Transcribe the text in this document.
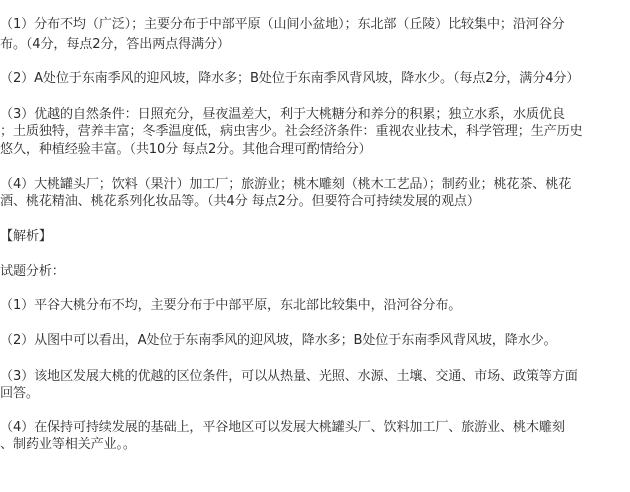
（1）分布不均（广泛）；主要分布于中部平原（山间小盆地）；东北部（丘陵）比较集中；沿河谷分

布。（4分，每点2分，答出两点得满分）

（2）A处位于东南季风的迎风坡，降水多；B处位于东南季风背风坡，降水少。（每点2分，满分4分）

（3）优越的自然条件：日照充分，昼夜温差大，利于大桃糖分和养分的积累；独立水系，水质优良

；土质独特，营养丰富；冬季温度低，病虫害少。社会经济条件：重视农业技术，科学管理；生产历史

悠久，种植经验丰富。（共10分 每点2分。其他合理可酌情给分）

（4）大桃罐头厂；饮料（果汁）加工厂；旅游业；桃木雕刻（桃木工艺品）；制药业；桃花茶、桃花

酒、桃花精油、桃花系列化妆品等。（共4分 每点2分。但要符合可持续发展的观点）

【解析】

试题分析：

（1）平谷大桃分布不均，主要分布于中部平原，东北部比较集中，沿河谷分布。

（2）从图中可以看出，A处位于东南季风的迎风坡，降水多；B处位于东南季风背风坡，降水少。

（3）该地区发展大桃的优越的区位条件，可以从热量、光照、水源、土壤、交通、市场、政策等方面

回答。

（4）在保持可持续发展的基础上，平谷地区可以发展大桃罐头厂、饮料加工厂、旅游业、桃木雕刻

、制药业等相关产业。。
